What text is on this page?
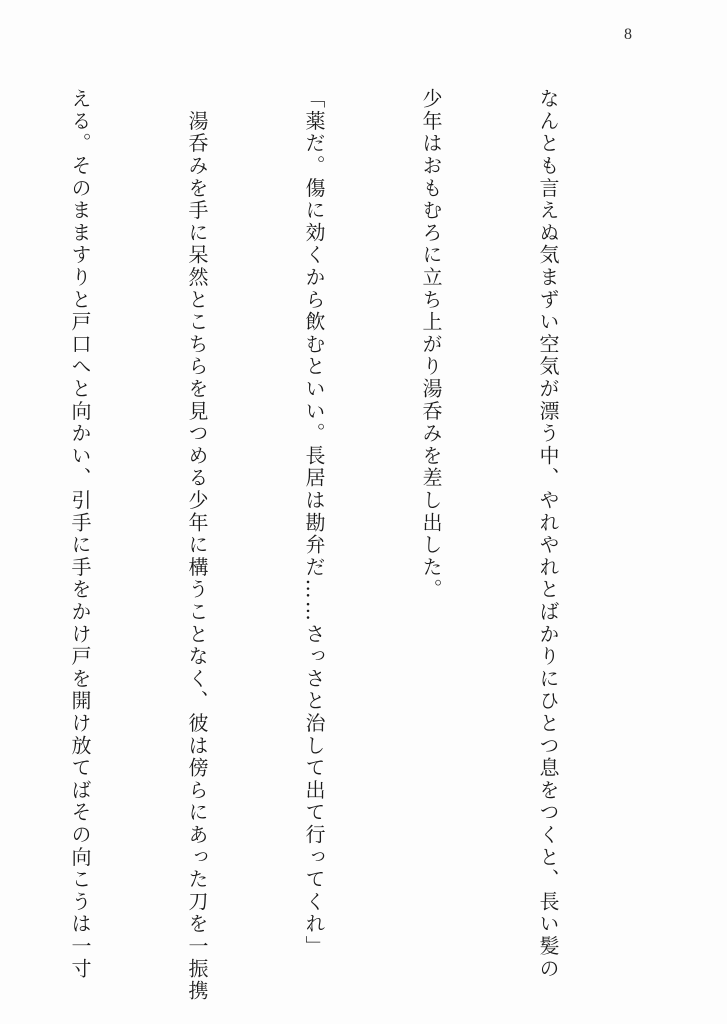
8

なんとも言えぬ気まずい空気が漂う中、やれやれとばかりにひとつ息をつくと、長い髪の

少年はおもむろに立ち上がり湯呑みを差し出した。

「薬だ。傷に効くから飲むといい。長居は勘弁だ……さっさと治して出て行ってくれ」

　湯呑みを手に呆然とこちらを見つめる少年に構うことなく、彼は傍らにあった刀を一振携

える。そのまますりと戸口へと向かい、引手に手をかけ戸を開け放てばその向こうは一寸
